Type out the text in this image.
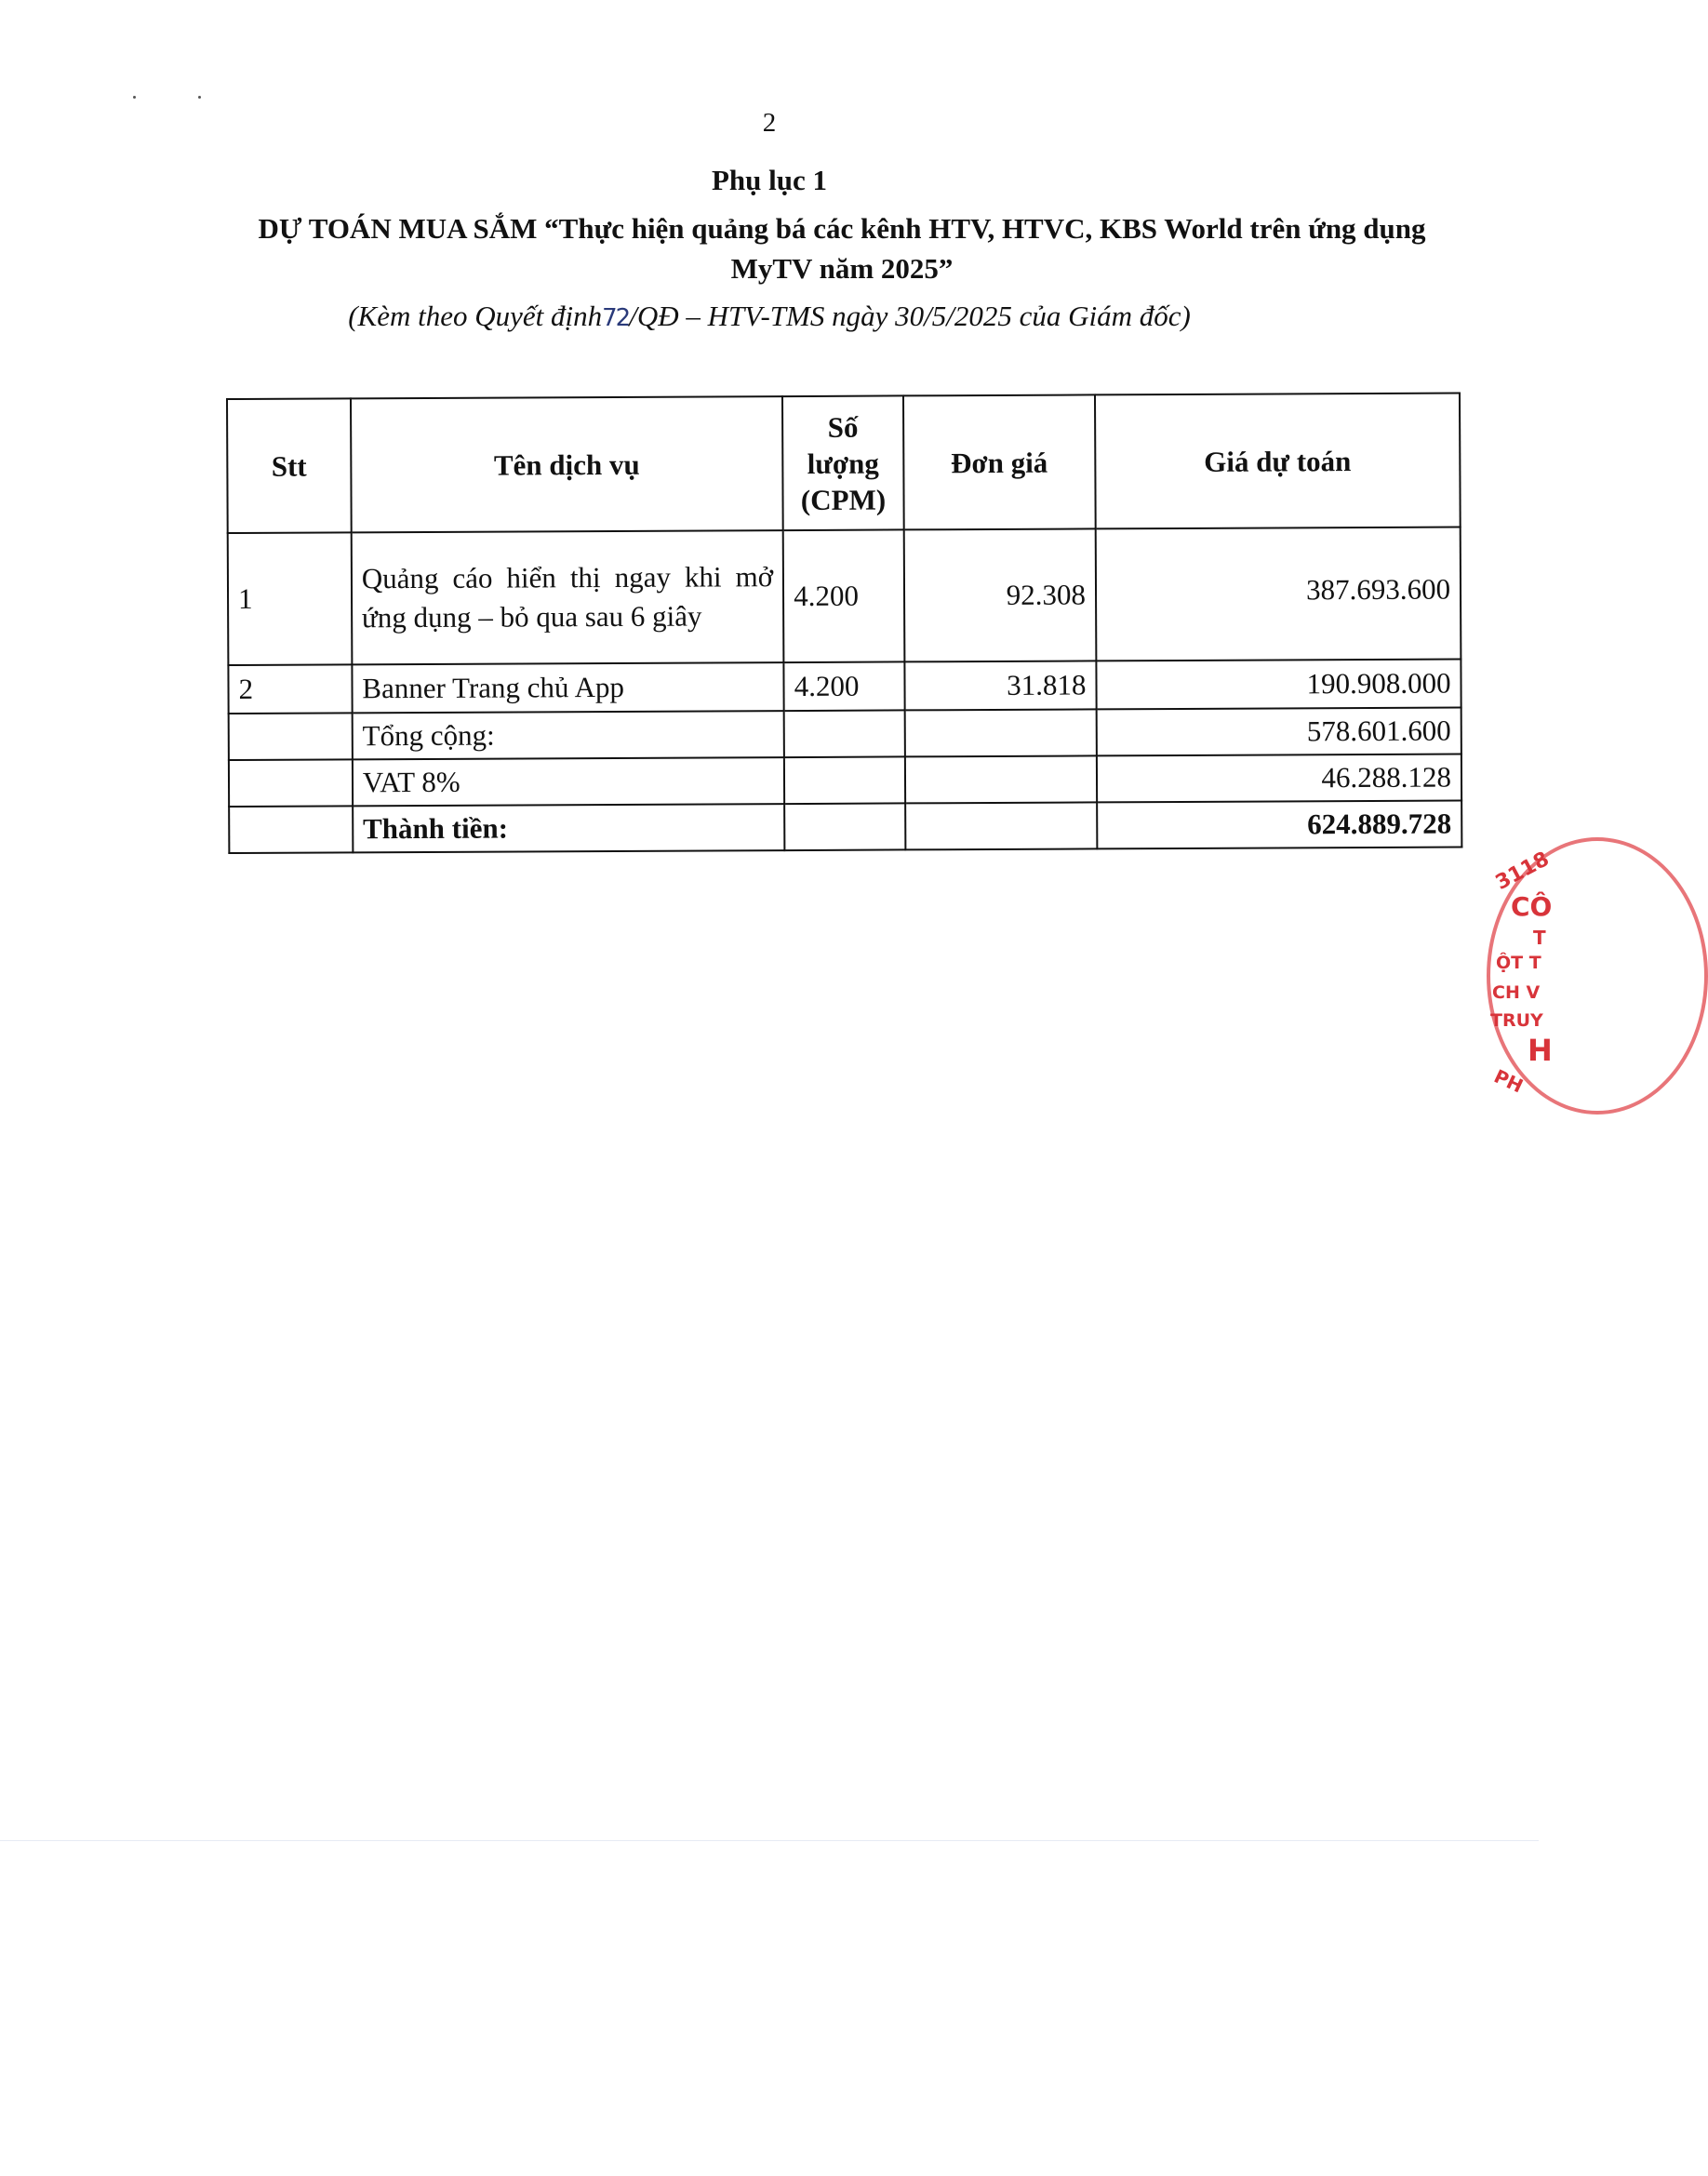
2
Phụ lục 1
DỰ TOÁN MUA SẮM “Thực hiện quảng bá các kênh HTV, HTVC, KBS World trên ứng dụng MyTV năm 2025”
(Kèm theo Quyết định72/QĐ – HTV-TMS ngày 30/5/2025 của Giám đốc)
Stt	Tên dịch vụ	Số lượng (CPM)	Đơn giá	Giá dự toán
1	Quảng cáo hiển thị ngay khi mở ứng dụng – bỏ qua sau 6 giây	4.200	92.308	387.693.600
2	Banner Trang chủ App	4.200	31.818	190.908.000
	Tổng cộng:			578.601.600
	VAT 8%			46.288.128
	Thành tiền:			624.889.728
3118
CÔ
T
ỘT T
CH V
TRUY
H
PH
